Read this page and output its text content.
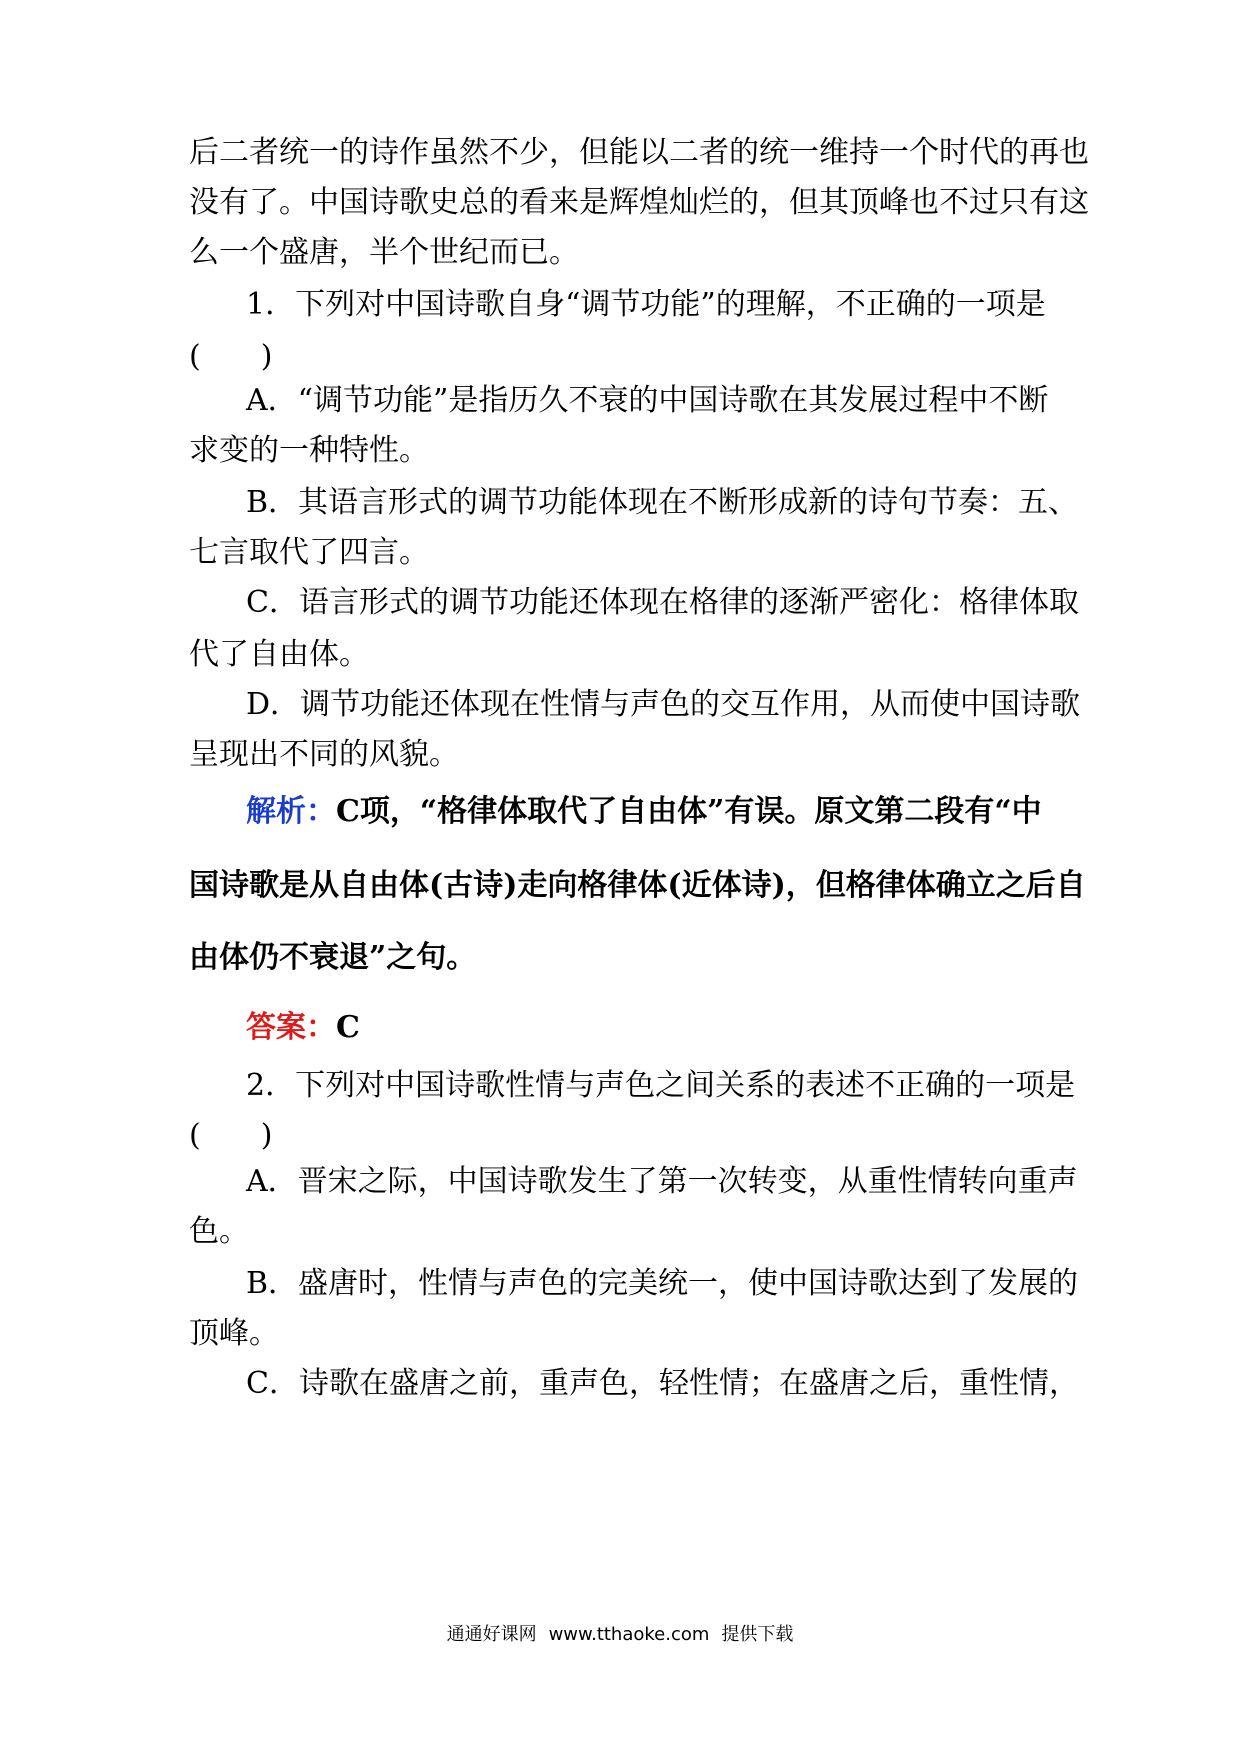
后二者统一的诗作虽然不少，但能以二者的统一维持一个时代的再也
没有了。中国诗歌史总的看来是辉煌灿烂的，但其顶峰也不过只有这
么一个盛唐，半个世纪而已。
1．下列对中国诗歌自身“调节功能”的理解，不正确的一项是
(　　)
A．“调节功能”是指历久不衰的中国诗歌在其发展过程中不断
求变的一种特性。
B．其语言形式的调节功能体现在不断形成新的诗句节奏：五、
七言取代了四言。
C．语言形式的调节功能还体现在格律的逐渐严密化：格律体取
代了自由体。
D．调节功能还体现在性情与声色的交互作用，从而使中国诗歌
呈现出不同的风貌。
解析：C项，“格律体取代了自由体”有误。原文第二段有“中
国诗歌是从自由体(古诗)走向格律体(近体诗)，但格律体确立之后自
由体仍不衰退”之句。
答案：C
2．下列对中国诗歌性情与声色之间关系的表述不正确的一项是
(　　)
A．晋宋之际，中国诗歌发生了第一次转变，从重性情转向重声
色。
B．盛唐时，性情与声色的完美统一，使中国诗歌达到了发展的
顶峰。
C．诗歌在盛唐之前，重声色，轻性情；在盛唐之后，重性情，
通通好课网 www.tthaoke.com 提供下载
